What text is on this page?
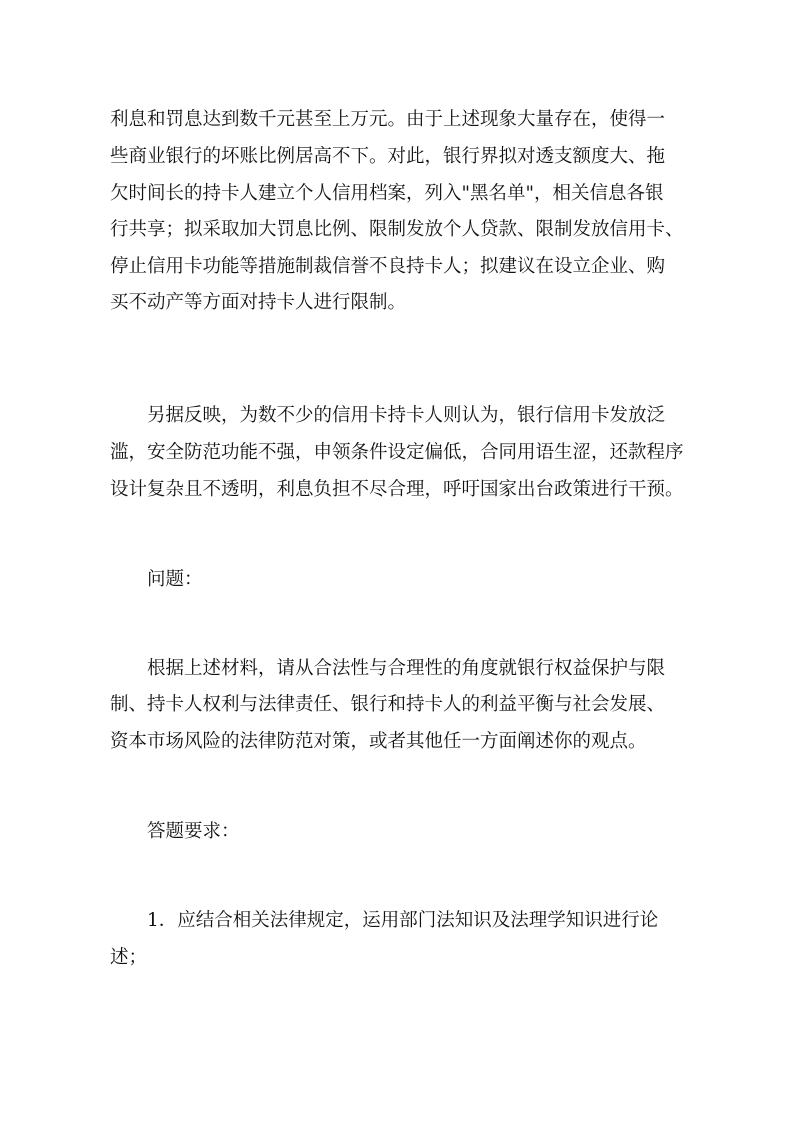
利息和罚息达到数千元甚至上万元。由于上述现象大量存在，使得一
些商业银行的坏账比例居高不下。对此，银行界拟对透支额度大、拖
欠时间长的持卡人建立个人信用档案，列入"黑名单"，相关信息各银
行共享；拟采取加大罚息比例、限制发放个人贷款、限制发放信用卡、
停止信用卡功能等措施制裁信誉不良持卡人；拟建议在设立企业、购
买不动产等方面对持卡人进行限制。
另据反映，为数不少的信用卡持卡人则认为，银行信用卡发放泛
滥，安全防范功能不强，申领条件设定偏低，合同用语生涩，还款程序
设计复杂且不透明，利息负担不尽合理，呼吁国家出台政策进行干预。
问题：
根据上述材料，请从合法性与合理性的角度就银行权益保护与限
制、持卡人权利与法律责任、银行和持卡人的利益平衡与社会发展、
资本市场风险的法律防范对策，或者其他任一方面阐述你的观点。
答题要求：
1．应结合相关法律规定，运用部门法知识及法理学知识进行论
述；
